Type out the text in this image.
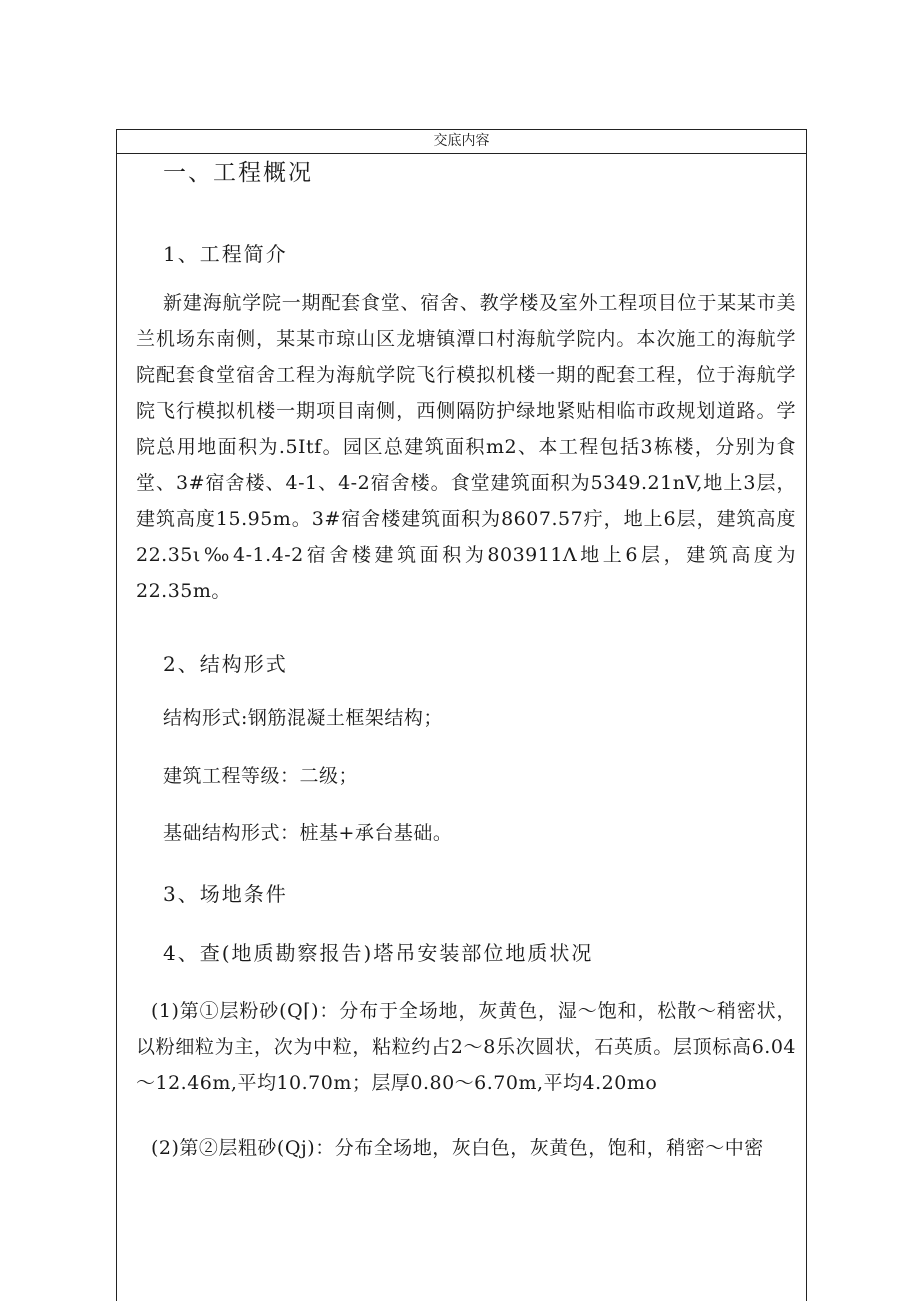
交底内容
一、工程概况
1、工程简介
新建海航学院一期配套食堂、宿舍、教学楼及室外工程项目位于某某市美兰机场东南侧，某某市琼山区龙塘镇潭口村海航学院内。本次施工的海航学院配套食堂宿舍工程为海航学院飞行模拟机楼一期的配套工程，位于海航学院飞行模拟机楼一期项目南侧，西侧隔防护绿地紧贴相临市政规划道路。学院总用地面积为.5Itf。园区总建筑面积m2、本工程包括3栋楼，分别为食堂、3#宿舍楼、4-1、4-2宿舍楼。食堂建筑面积为5349.21nV,地上3层，建筑高度15.95m。3#宿舍楼建筑面积为8607.57疔，地上6层，建筑高度22.35ι‰4-1.4-2宿舍楼建筑面积为803911Λ地上6层，建筑高度为22.35m。
2、结构形式
结构形式:钢筋混凝土框架结构；
建筑工程等级：二级；
基础结构形式：桩基+承台基础。
3、场地条件
4、查(地质勘察报告)塔吊安装部位地质状况
(1)第①层粉砂(Q⌈)：分布于全场地，灰黄色，湿～饱和，松散～稍密状，以粉细粒为主，次为中粒，粘粒约占2～8乐次圆状，石英质。层顶标高6.04～12.46m,平均10.70m；层厚0.80～6.70m,平均4.20mo
(2)第②层粗砂(Qj)：分布全场地，灰白色，灰黄色，饱和，稍密～中密
